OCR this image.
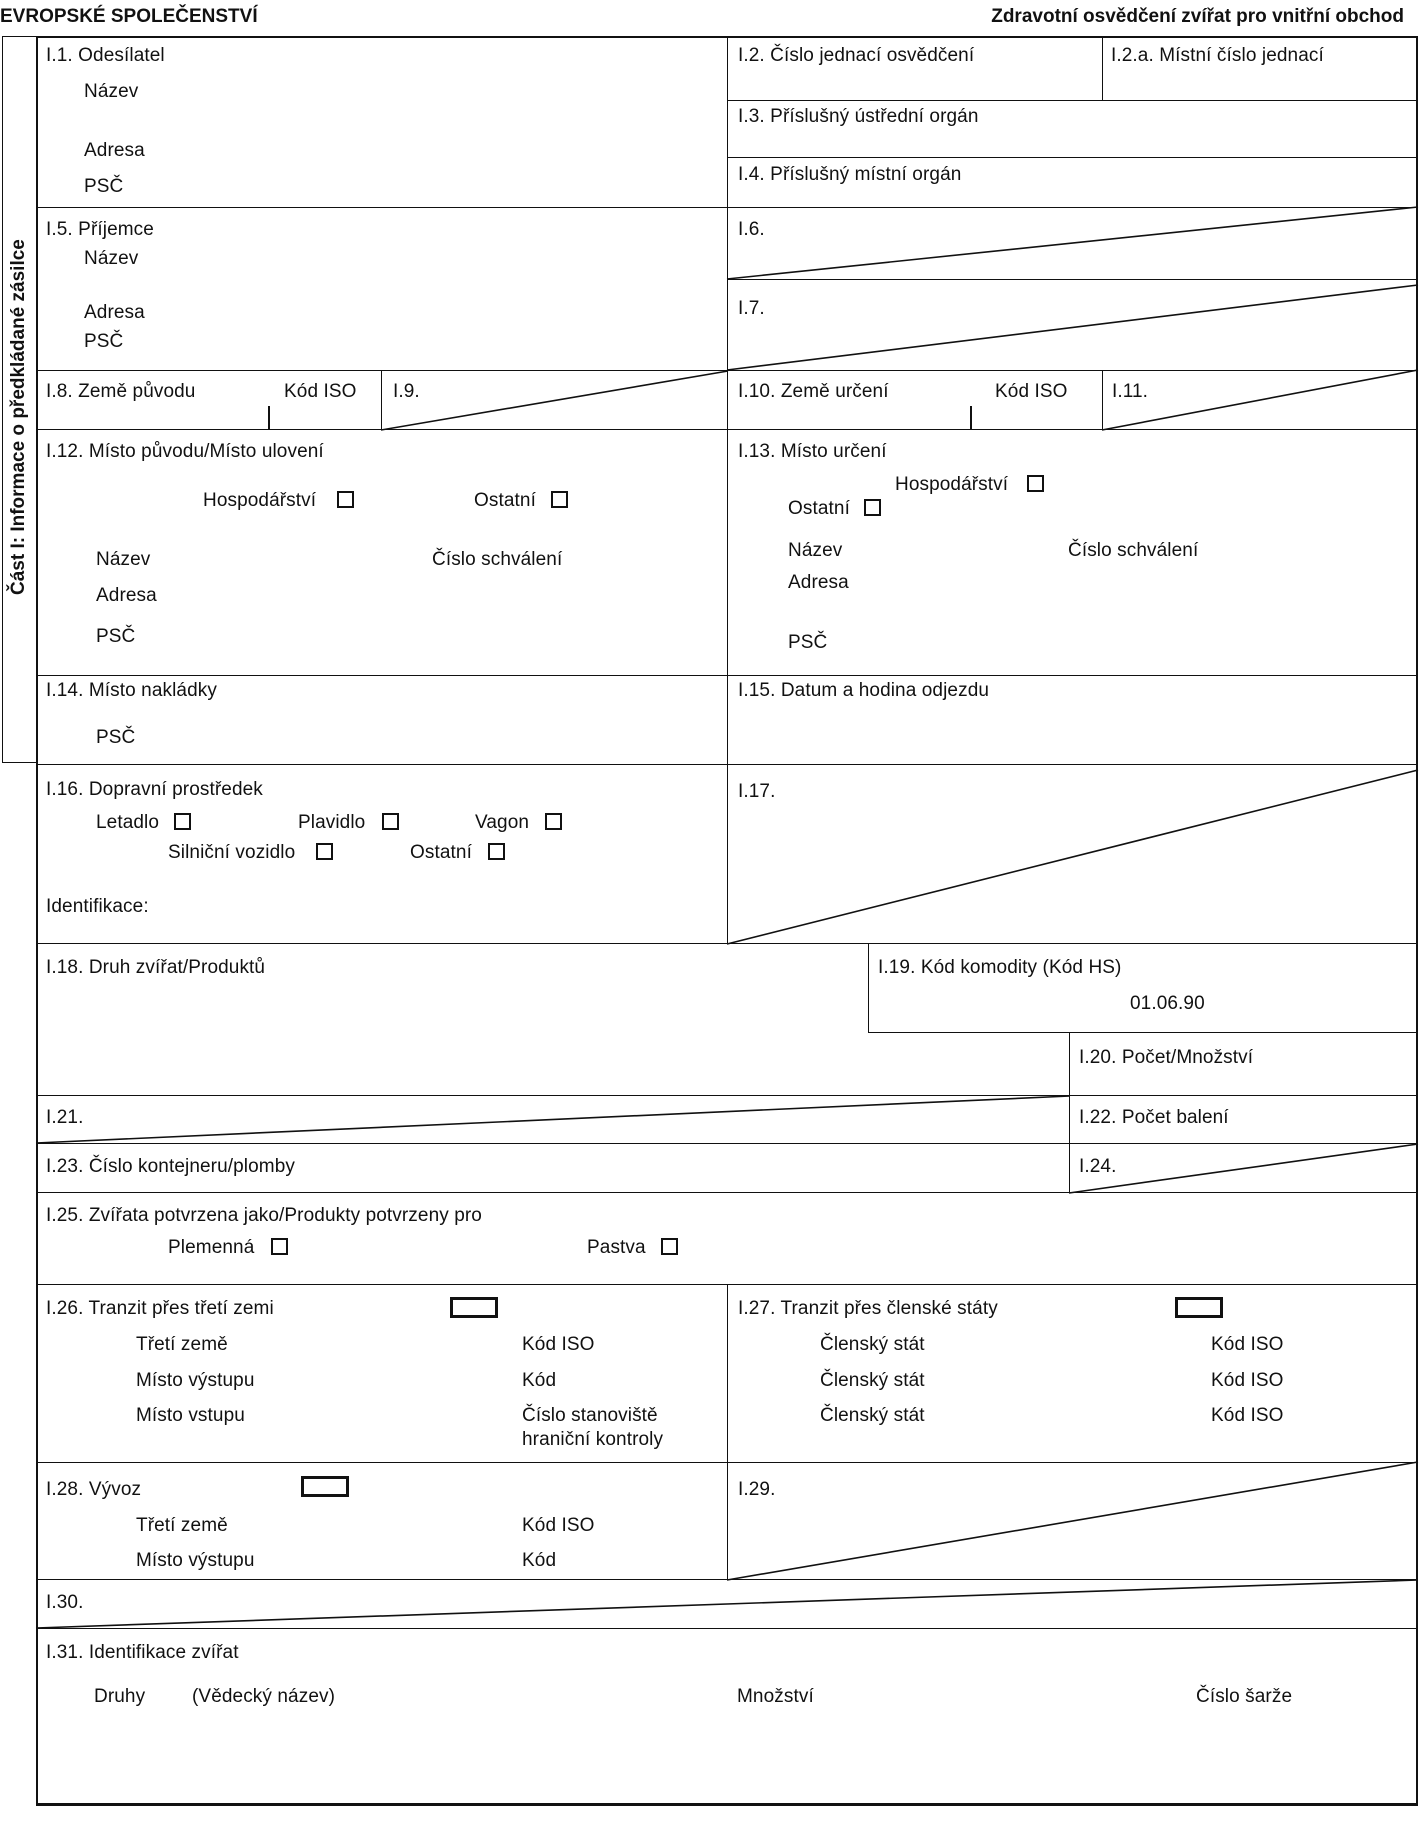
EVROPSKÉ SPOLEČENSTVÍ	Zdravotní osvědčení zvířat pro vnitřní obchod
Část I: Informace o předkládané zásilce
I.1. Odesílatel
Název
Adresa
PSČ
I.2. Číslo jednací osvědčení	I.2.a. Místní číslo jednací
I.3. Příslušný ústřední orgán
I.4. Příslušný místní orgán
I.5. Příjemce
Název
Adresa
PSČ
I.6.
I.7.
I.8. Země původu	Kód ISO I.9.	I.10. Země určení	Kód ISO I.11.
I.12. Místo původu/Místo ulovení
Hospodářství	Ostatní
Název	Číslo schválení
Adresa
PSČ
I.13. Místo určení
Hospodářství
Ostatní
Název	Číslo schválení
Adresa
PSČ
I.14. Místo nakládky
PSČ
I.15. Datum a hodina odjezdu
I.16. Dopravní prostředek
Letadlo	Plavidlo	Vagon
Silniční vozidlo	Ostatní
Identifikace:
I.17.
I.18. Druh zvířat/Produktů	I.19. Kód komodity (Kód HS)
01.06.90
I.20. Počet/Množství
I.21.	I.22. Počet balení
I.23. Číslo kontejneru/plomby	I.24.
I.25. Zvířata potvrzena jako/Produkty potvrzeny pro
Plemenná	Pastva
I.26. Tranzit přes třetí zemi
Třetí země	Kód ISO
Místo výstupu	Kód
Místo vstupu	Číslo stanoviště
hraniční kontroly
I.27. Tranzit přes členské státy
Členský stát	Kód ISO
Členský stát	Kód ISO
Členský stát	Kód ISO
I.28. Vývoz
Třetí země	Kód ISO
Místo výstupu	Kód
I.29.
I.30.
I.31. Identifikace zvířat
Druhy (Vědecký název)	Množství	Číslo šarže
